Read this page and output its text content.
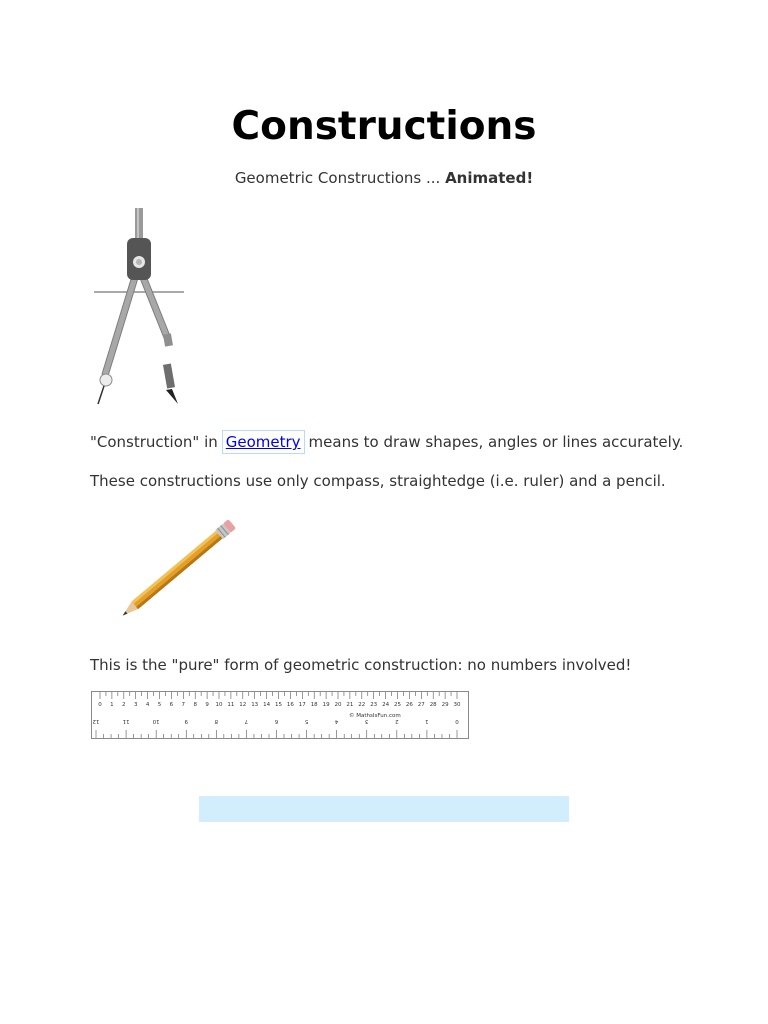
Constructions
Geometric Constructions ... Animated!

"Construction" in Geometry means to draw shapes, angles or lines accurately.

These constructions use only compass, straightedge (i.e. ruler) and a pencil.

This is the "pure" form of geometric construction: no numbers involved!

0 1 2 3 4 5 6 7 8 9 10 11 12 13 14 15 16 17 18 19 20 21 22 23 24 25 26 27 28 29 30
12	11	10	9	8	7	6	5	4	3	2	1	0
© MathsIsFun.com
